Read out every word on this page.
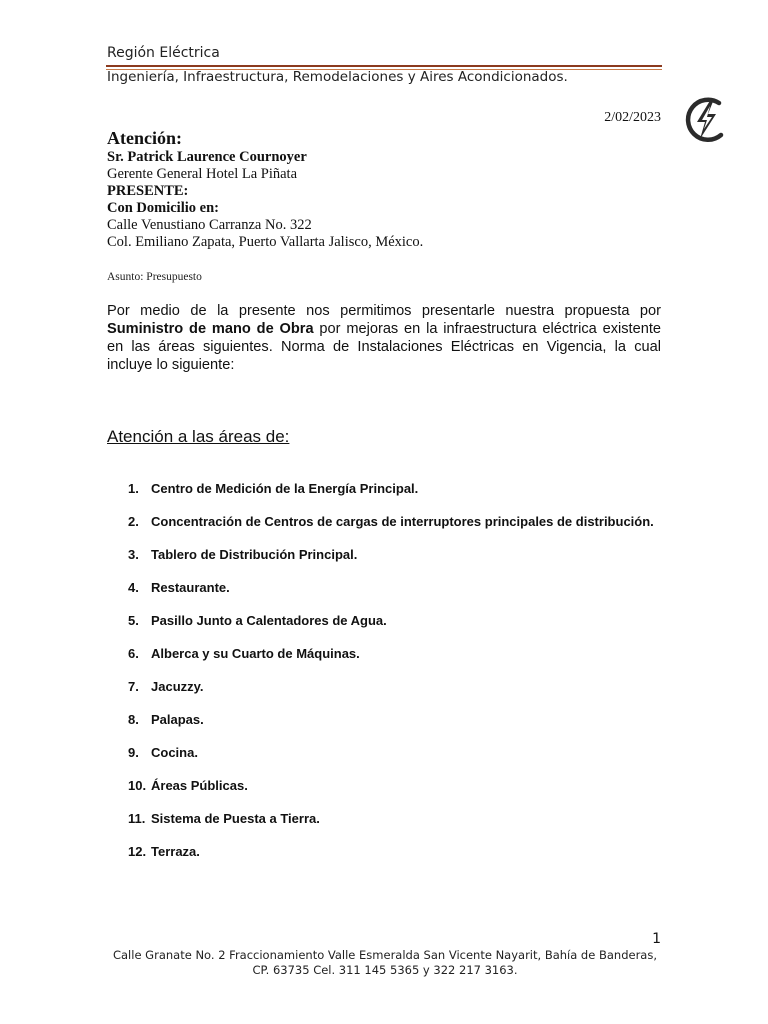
Región Eléctrica
Ingeniería, Infraestructura, Remodelaciones y Aires Acondicionados.
2/02/2023
Atención:
Sr. Patrick Laurence Cournoyer
Gerente General Hotel La Piñata
PRESENTE:
Con Domicilio en:
Calle Venustiano Carranza No. 322
Col. Emiliano Zapata, Puerto Vallarta Jalisco, México.
Asunto: Presupuesto
Por medio de la presente nos permitimos presentarle nuestra propuesta por Suministro de mano de Obra por mejoras en la infraestructura eléctrica existente en las áreas siguientes. Norma de Instalaciones Eléctricas en Vigencia, la cual incluye lo siguiente:
Atención a las áreas de:
1. Centro de Medición de la Energía Principal.
2. Concentración de Centros de cargas de interruptores principales de distribución.
3. Tablero de Distribución Principal.
4. Restaurante.
5. Pasillo Junto a Calentadores de Agua.
6. Alberca y su Cuarto de Máquinas.
7. Jacuzzy.
8. Palapas.
9. Cocina.
10. Áreas Públicas.
11. Sistema de Puesta a Tierra.
12. Terraza.
1
Calle Granate No. 2 Fraccionamiento Valle Esmeralda San Vicente Nayarit, Bahía de Banderas, CP. 63735 Cel. 311 145 5365 y 322 217 3163.
